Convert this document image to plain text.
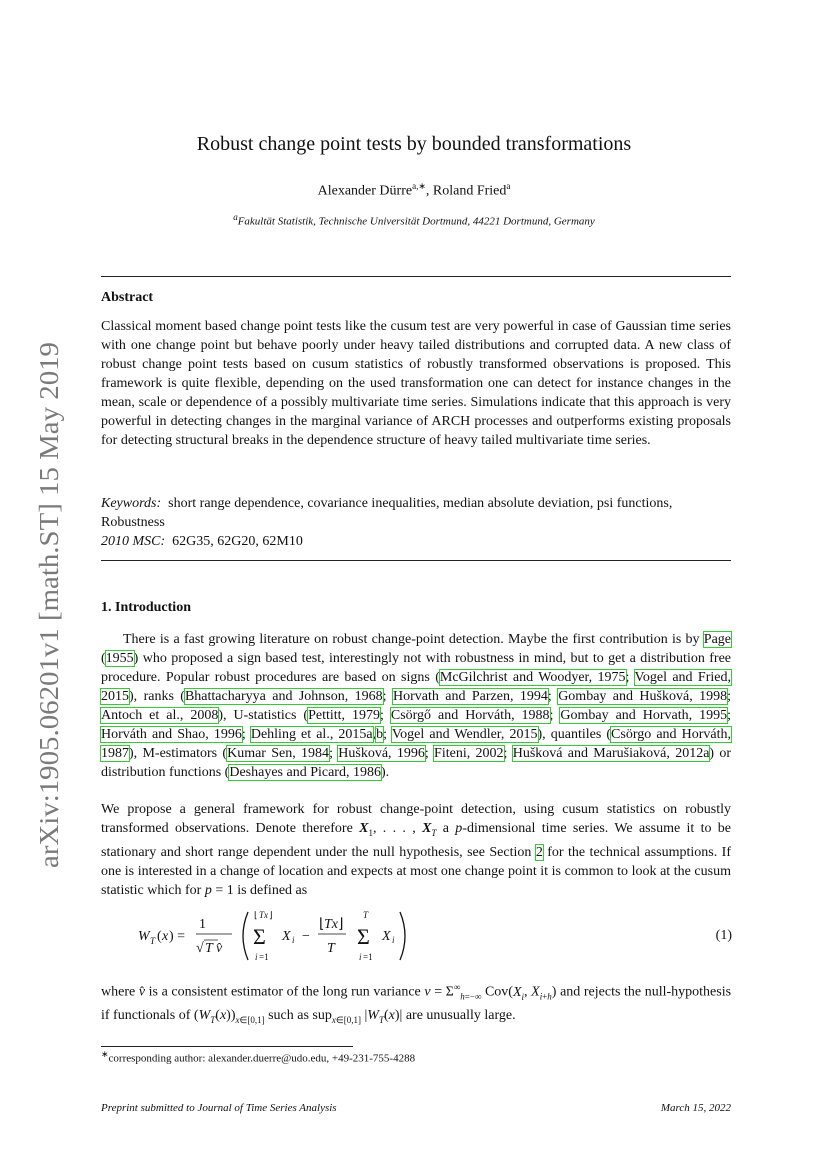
arXiv:1905.06201v1 [math.ST] 15 May 2019
Robust change point tests by bounded transformations
Alexander Dürre$^{a,∗}$, Roland Fried$^a$
$^a$Fakultät Statistik, Technische Universität Dortmund, 44221 Dortmund, Germany
Abstract
Classical moment based change point tests like the cusum test are very powerful in case of Gaussian time series with one change point but behave poorly under heavy tailed distributions and corrupted data. A new class of robust change point tests based on cusum statistics of robustly transformed observations is proposed. This framework is quite flexible, depending on the used transformation one can detect for instance changes in the mean, scale or dependence of a possibly multivariate time series. Simulations indicate that this approach is very powerful in detecting changes in the marginal variance of ARCH processes and outperforms existing proposals for detecting structural breaks in the dependence structure of heavy tailed multivariate time series.
Keywords: short range dependence, covariance inequalities, median absolute deviation, psi functions, Robustness
2010 MSC: 62G35, 62G20, 62M10
1. Introduction
There is a fast growing literature on robust change-point detection. Maybe the first contribution is by Page (1955) who proposed a sign based test, interestingly not with robustness in mind, but to get a distribution free procedure. Popular robust procedures are based on signs (McGilchrist and Woodyer, 1975; Vogel and Fried, 2015), ranks (Bhattacharyya and Johnson, 1968; Horvath and Parzen, 1994; Gombay and Hušková, 1998; Antoch et al., 2008), U-statistics (Pettitt, 1979; Csörgő and Horváth, 1988; Gombay and Horvath, 1995; Horváth and Shao, 1996; Dehling et al., 2015a,b; Vogel and Wendler, 2015), quantiles (Csörgo and Horváth, 1987), M-estimators (Kumar Sen, 1984; Hušková, 1996; Fiteni, 2002; Hušková and Marušiaková, 2012a) or distribution functions (Deshayes and Picard, 1986).
We propose a general framework for robust change-point detection, using cusum statistics on robustly transformed observations. Denote therefore $X_1$, . . . , $X_T$ a p-dimensional time series. We assume it to be stationary and short range dependent under the null hypothesis, see Section 2 for the technical assumptions. If one is interested in a change of location and expects at most one change point it is common to look at the cusum statistic which for p = 1 is defined as
W T ( x ) =
1
√ T v̂
⌊ Tx ⌋
Σ
i =1
X i −
⌊ Tx ⌋
T
T
Σ
i =1
X i	(1)
where v̂ is a consistent estimator of the long run variance $v = \Sigma^\infty_{h=-\infty}$ $Cov(X_i$, $X_{i+h}$) and rejects the null-hypothesis if functionals of $(W_T(x))_{x\in[0,1]}$ such as sup$_{x\in[0,1]}$ $|W_T(x)|$ are unusually large.
∗corresponding author: alexander.duerre@udo.edu, +49-231-755-4288
Preprint submitted to Journal of Time Series Analysis	March 15, 2022
